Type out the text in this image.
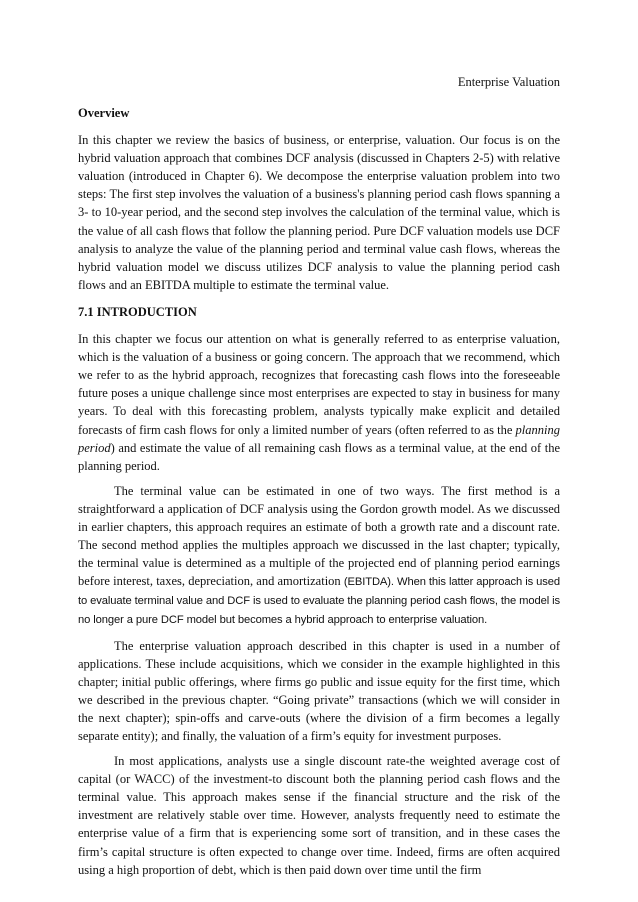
Enterprise Valuation

Overview

In this chapter we review the basics of business, or enterprise, valuation. Our focus is on the hybrid valuation approach that combines DCF analysis (discussed in Chapters 2-5) with relative valuation (introduced in Chapter 6). We decompose the enterprise valuation problem into two steps: The first step involves the valuation of a business's planning period cash flows spanning a 3- to 10-year period, and the second step involves the calculation of the terminal value, which is the value of all cash flows that follow the planning period. Pure DCF valuation models use DCF analysis to analyze the value of the planning period and terminal value cash flows, whereas the hybrid valuation model we discuss utilizes DCF analysis to value the planning period cash flows and an EBITDA multiple to estimate the terminal value.

7.1 INTRODUCTION

In this chapter we focus our attention on what is generally referred to as enterprise valuation, which is the valuation of a business or going concern. The approach that we recommend, which we refer to as the hybrid approach, recognizes that forecasting cash flows into the foreseeable future poses a unique challenge since most enterprises are expected to stay in business for many years. To deal with this forecasting problem, analysts typically make explicit and detailed forecasts of firm cash flows for only a limited number of years (often referred to as the planning period) and estimate the value of all remaining cash flows as a terminal value, at the end of the planning period.

The terminal value can be estimated in one of two ways. The first method is a straightforward a application of DCF analysis using the Gordon growth model. As we discussed in earlier chapters, this approach requires an estimate of both a growth rate and a discount rate. The second method applies the multiples approach we discussed in the last chapter; typically, the terminal value is determined as a multiple of the projected end of planning period earnings before interest, taxes, depreciation, and amortization (EBITDA). When this latter approach is used to evaluate terminal value and DCF is used to evaluate the planning period cash flows, the model is no longer a pure DCF model but becomes a hybrid approach to enterprise valuation.

The enterprise valuation approach described in this chapter is used in a number of applications. These include acquisitions, which we consider in the example highlighted in this chapter; initial public offerings, where firms go public and issue equity for the first time, which we described in the previous chapter. “Going private” transactions (which we will consider in the next chapter); spin-offs and carve-outs (where the division of a firm becomes a legally separate entity); and finally, the valuation of a firm’s equity for investment purposes.

In most applications, analysts use a single discount rate-the weighted average cost of capital (or WACC) of the investment-to discount both the planning period cash flows and the terminal value. This approach makes sense if the financial structure and the risk of the investment are relatively stable over time. However, analysts frequently need to estimate the enterprise value of a firm that is experiencing some sort of transition, and in these cases the firm’s capital structure is often expected to change over time. Indeed, firms are often acquired using a high proportion of debt, which is then paid down over time until the firm
